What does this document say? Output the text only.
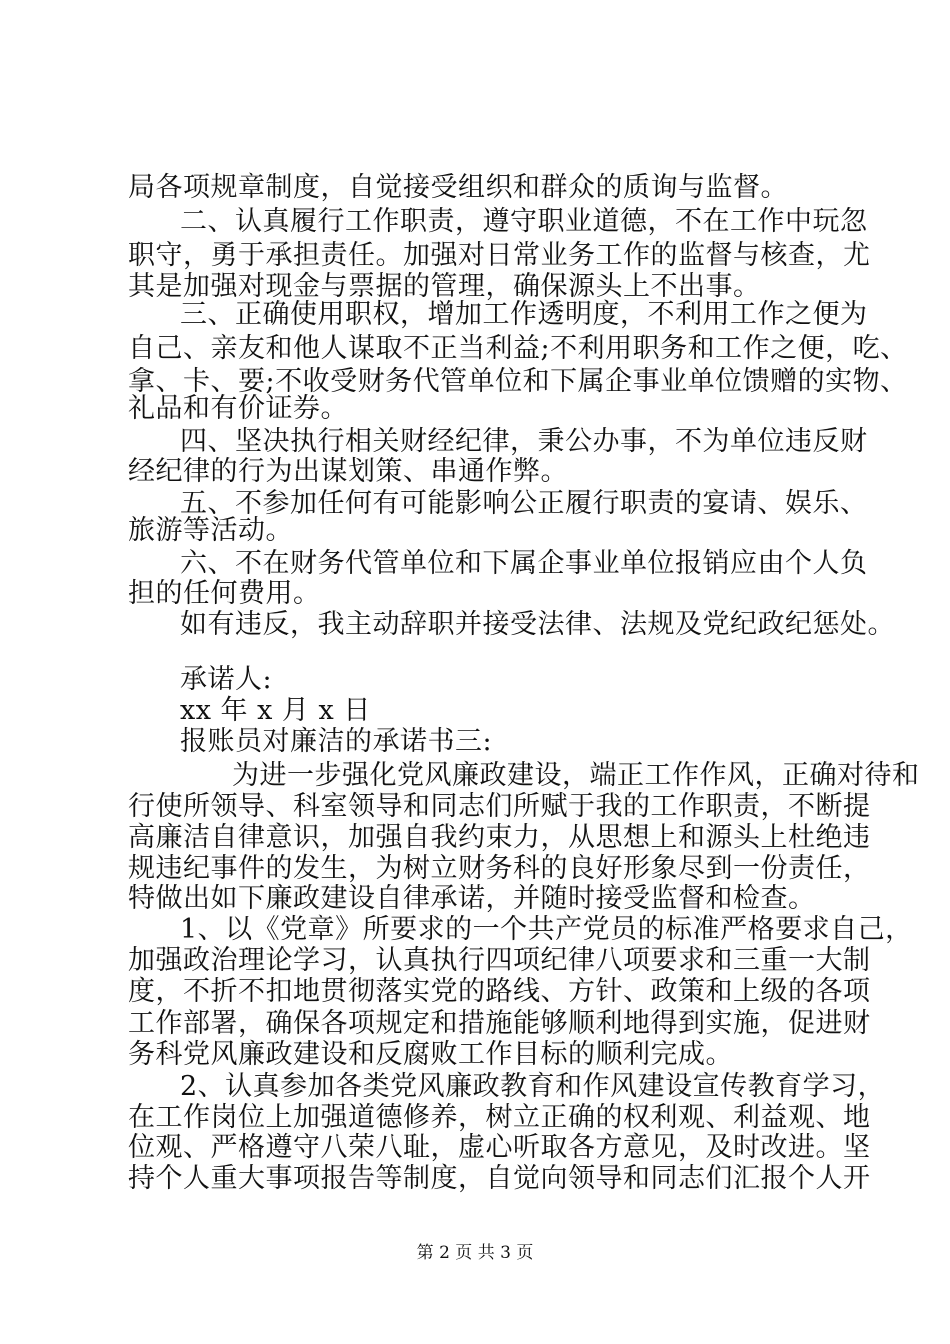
局各项规章制度，自觉接受组织和群众的质询与监督。
二、认真履行工作职责，遵守职业道德，不在工作中玩忽
职守，勇于承担责任。加强对日常业务工作的监督与核查，尤
其是加强对现金与票据的管理，确保源头上不出事。
三、正确使用职权，增加工作透明度，不利用工作之便为
自己、亲友和他人谋取不正当利益;不利用职务和工作之便，吃、
拿、卡、要;不收受财务代管单位和下属企事业单位馈赠的实物、
礼品和有价证券。
四、坚决执行相关财经纪律，秉公办事，不为单位违反财
经纪律的行为出谋划策、串通作弊。
五、不参加任何有可能影响公正履行职责的宴请、娱乐、
旅游等活动。
六、不在财务代管单位和下属企事业单位报销应由个人负
担的任何费用。
如有违反，我主动辞职并接受法律、法规及党纪政纪惩处。
承诺人:
xx 年 x 月 x 日
报账员对廉洁的承诺书三:
为进一步强化党风廉政建设，端正工作作风，正确对待和
行使所领导、科室领导和同志们所赋于我的工作职责，不断提
高廉洁自律意识，加强自我约束力，从思想上和源头上杜绝违
规违纪事件的发生，为树立财务科的良好形象尽到一份责任，
特做出如下廉政建设自律承诺，并随时接受监督和检查。
1、以《党章》所要求的一个共产党员的标准严格要求自己，
加强政治理论学习，认真执行四项纪律八项要求和三重一大制
度，不折不扣地贯彻落实党的路线、方针、政策和上级的各项
工作部署，确保各项规定和措施能够顺利地得到实施，促进财
务科党风廉政建设和反腐败工作目标的顺利完成。
2、认真参加各类党风廉政教育和作风建设宣传教育学习，
在工作岗位上加强道德修养，树立正确的权利观、利益观、地
位观、严格遵守八荣八耻，虚心听取各方意见，及时改进。坚
持个人重大事项报告等制度，自觉向领导和同志们汇报个人开
第 2 页 共 3 页
